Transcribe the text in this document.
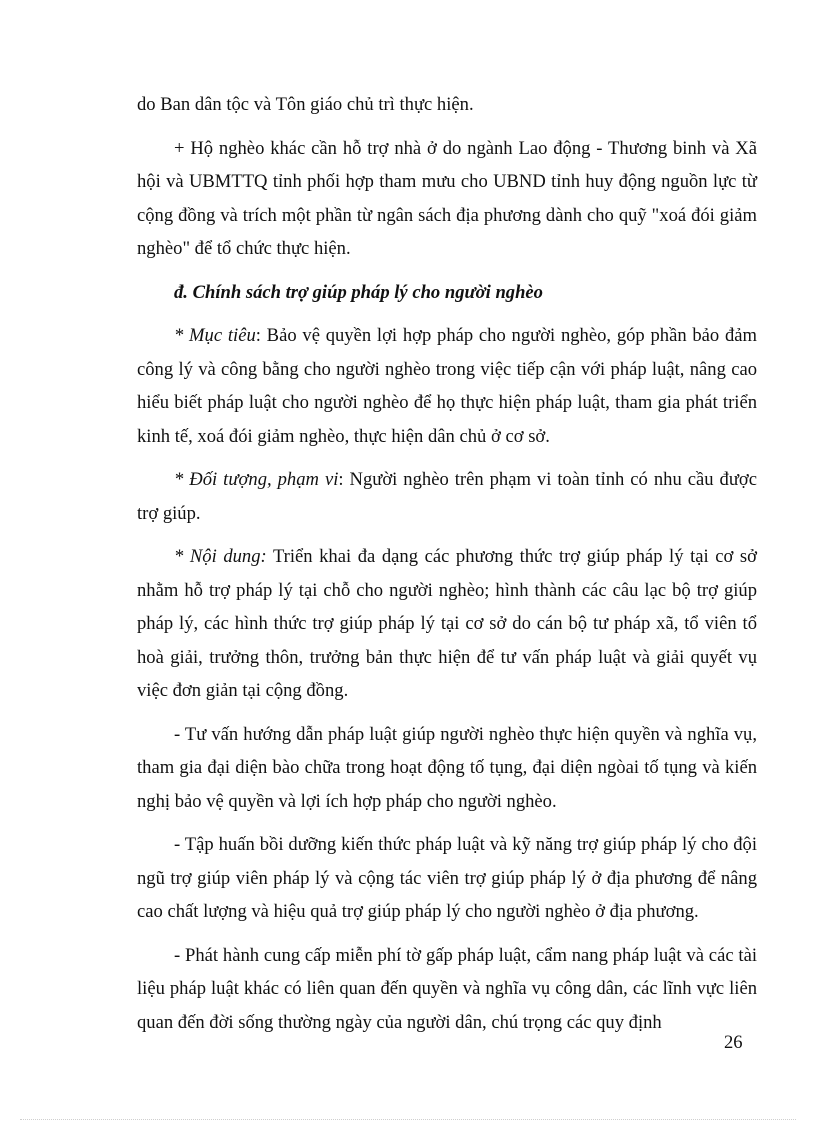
do Ban dân tộc và Tôn giáo chủ trì thực hiện.

+ Hộ nghèo khác cần hỗ trợ nhà ở do ngành Lao động - Thương binh và Xã hội và UBMTTQ tỉnh phối hợp tham mưu cho UBND tỉnh huy động nguồn lực từ cộng đồng và trích một phần từ ngân sách địa phương dành cho quỹ "xoá đói giảm nghèo" để tổ chức thực hiện.

đ. Chính sách trợ giúp pháp lý cho người nghèo

* Mục tiêu: Bảo vệ quyền lợi hợp pháp cho người nghèo, góp phần bảo đảm công lý và công bằng cho người nghèo trong việc tiếp cận với pháp luật, nâng cao hiểu biết pháp luật cho người nghèo để họ thực hiện pháp luật, tham gia phát triển kinh tế, xoá đói giảm nghèo, thực hiện dân chủ ở cơ sở.

* Đối tượng, phạm vi: Người nghèo trên phạm vi toàn tỉnh có nhu cầu được trợ giúp.

* Nội dung: Triển khai đa dạng các phương thức trợ giúp pháp lý tại cơ sở nhằm hỗ trợ pháp lý tại chỗ cho người nghèo; hình thành các câu lạc bộ trợ giúp pháp lý, các hình thức trợ giúp pháp lý tại cơ sở do cán bộ tư pháp xã, tổ viên tổ hoà giải, trưởng thôn, trưởng bản thực hiện để tư vấn pháp luật và giải quyết vụ việc đơn giản tại cộng đồng.

- Tư vấn hướng dẫn pháp luật giúp người nghèo thực hiện quyền và nghĩa vụ, tham gia đại diện bào chữa trong hoạt động tố tụng, đại diện ngòai tố tụng và kiến nghị bảo vệ quyền và lợi ích hợp pháp cho người nghèo.

- Tập huấn bồi dưỡng kiến thức pháp luật và kỹ năng trợ giúp pháp lý cho đội ngũ trợ giúp viên pháp lý và cộng tác viên trợ giúp pháp lý ở địa phương để nâng cao chất lượng và hiệu quả trợ giúp pháp lý cho người nghèo ở địa phương.

- Phát hành cung cấp miễn phí tờ gấp pháp luật, cẩm nang pháp luật và các tài liệu pháp luật khác có liên quan đến quyền và nghĩa vụ công dân, các lĩnh vực liên quan đến đời sống thường ngày của người dân, chú trọng các quy định

26
